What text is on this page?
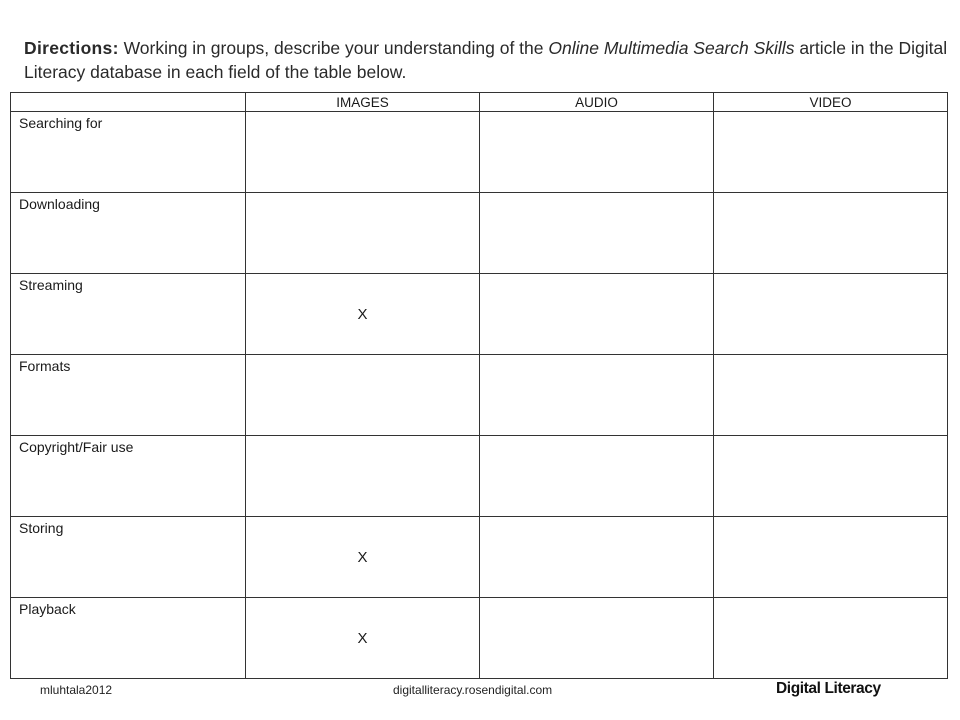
Directions: Working in groups, describe your understanding of the Online Multimedia Search Skills article in the Digital Literacy database in each field of the table below.
	IMAGES	AUDIO	VIDEO
Searching for			
Downloading			
Streaming	X		
Formats			
Copyright/Fair use			
Storing	X		
Playback	X		
mluhtala2012	digitalliteracy.rosendigital.com	Digital Literacy
